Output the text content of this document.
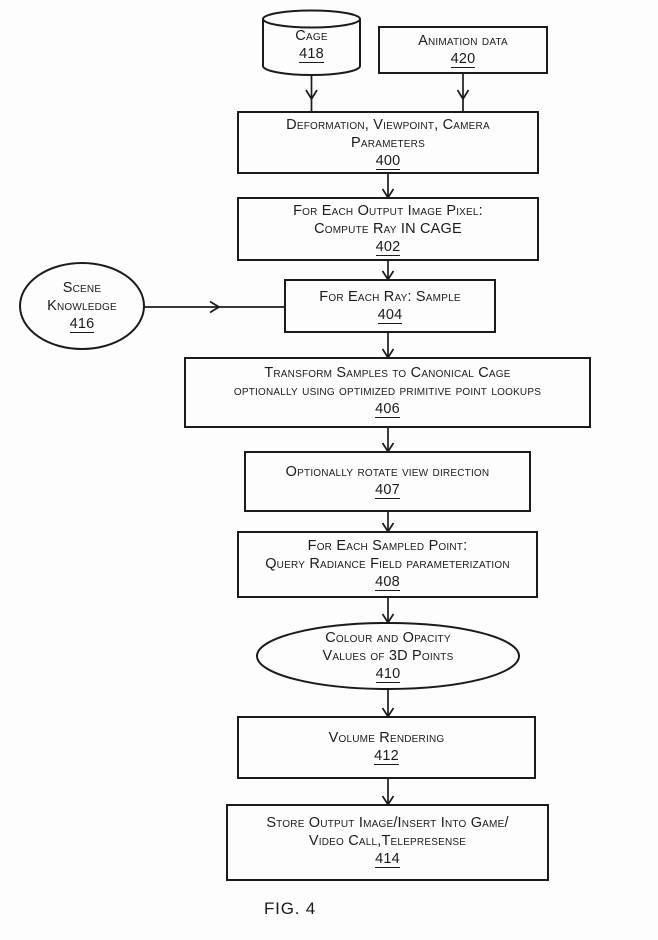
Cage
418
Animation data
420
Deformation, Viewpoint, Camera
Parameters
400
For Each Output Image Pixel:
Compute Ray IN CAGE
402
For Each Ray: Sample
404
Scene
Knowledge
416
Transform Samples to Canonical Cage
optionally using optimized primitive point lookups
406
Optionally rotate view direction
407
For Each Sampled Point:
Query Radiance Field parameterization
408
Colour and Opacity
Values of 3D Points
410
Volume Rendering
412
Store Output Image/Insert Into Game/
Video Call,Telepresense
414
FIG. 4
